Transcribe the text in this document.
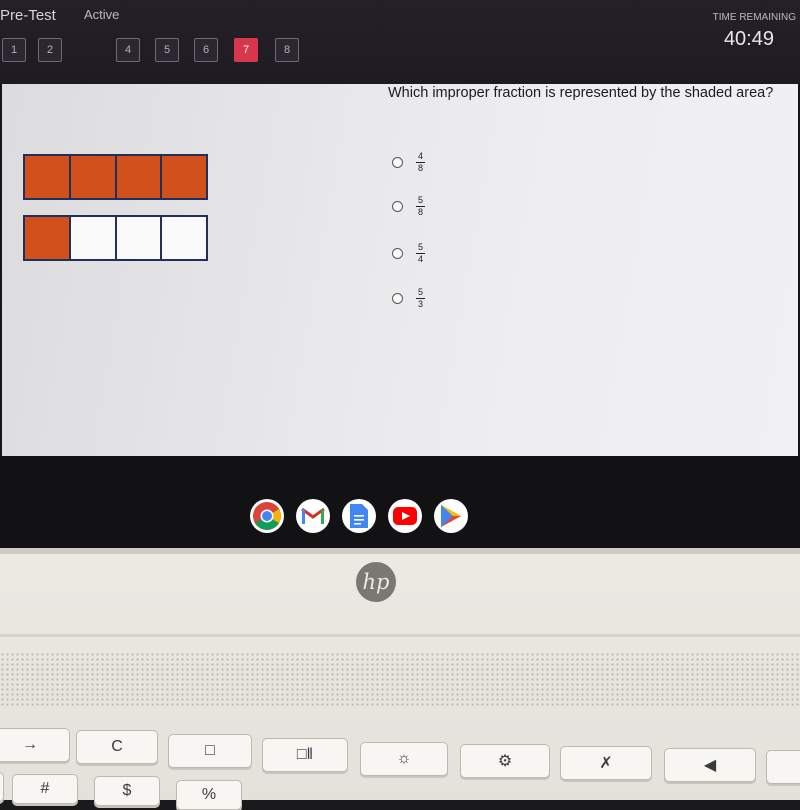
Pre-Test Active	TIME REMAINING
40:49
1	2	4	5	6	7	8
Which improper fraction is represented by the shaded area?
$\frac{4}{8}$
$\frac{5}{8}$
$\frac{5}{4}$
$\frac{5}{3}$
hp
→	C	□	□‖	☼	⚙	✗	◀
#	$	%
